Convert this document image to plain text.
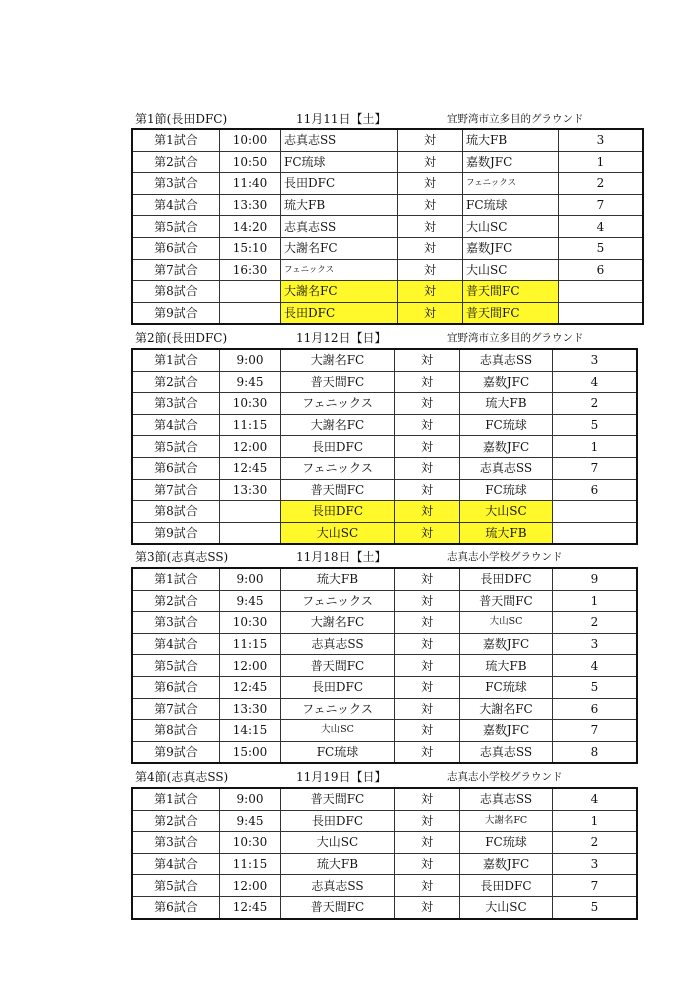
第1節(長田DFC)	11月11日【土】	宜野湾市立多目的グラウンド
第1試合	10:00	志真志SS	対	琉大FB	3
第2試合	10:50	FC琉球	対	嘉数JFC	1
第3試合	11:40	長田DFC	対	フェニックス	2
第4試合	13:30	琉大FB	対	FC琉球	7
第5試合	14:20	志真志SS	対	大山SC	4
第6試合	15:10	大謝名FC	対	嘉数JFC	5
第7試合	16:30	フェニックス	対	大山SC	6
第8試合		大謝名FC	対	普天間FC	
第9試合		長田DFC	対	普天間FC	
第2節(長田DFC)	11月12日【日】	宜野湾市立多目的グラウンド
第1試合	9:00	大謝名FC	対	志真志SS	3
第2試合	9:45	普天間FC	対	嘉数JFC	4
第3試合	10:30	フェニックス	対	琉大FB	2
第4試合	11:15	大謝名FC	対	FC琉球	5
第5試合	12:00	長田DFC	対	嘉数JFC	1
第6試合	12:45	フェニックス	対	志真志SS	7
第7試合	13:30	普天間FC	対	FC琉球	6
第8試合		長田DFC	対	大山SC	
第9試合		大山SC	対	琉大FB	
第3節(志真志SS)	11月18日【土】	志真志小学校グラウンド
第1試合	9:00	琉大FB	対	長田DFC	9
第2試合	9:45	フェニックス	対	普天間FC	1
第3試合	10:30	大謝名FC	対	大山SC	2
第4試合	11:15	志真志SS	対	嘉数JFC	3
第5試合	12:00	普天間FC	対	琉大FB	4
第6試合	12:45	長田DFC	対	FC琉球	5
第7試合	13:30	フェニックス	対	大謝名FC	6
第8試合	14:15	大山SC	対	嘉数JFC	7
第9試合	15:00	FC琉球	対	志真志SS	8
第4節(志真志SS)	11月19日【日】	志真志小学校グラウンド
第1試合	9:00	普天間FC	対	志真志SS	4
第2試合	9:45	長田DFC	対	大謝名FC	1
第3試合	10:30	大山SC	対	FC琉球	2
第4試合	11:15	琉大FB	対	嘉数JFC	3
第5試合	12:00	志真志SS	対	長田DFC	7
第6試合	12:45	普天間FC	対	大山SC	5
